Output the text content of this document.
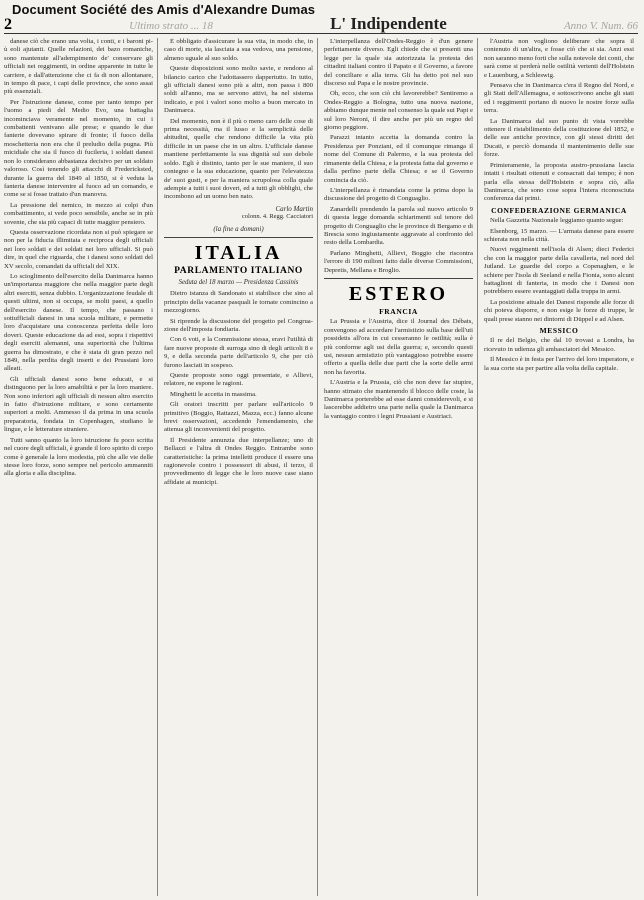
Document Société des Amis d'Alexandre Dumas
2	Ultimo strato ... 18	L' Indipendente	Anno V. Num. 66

danese ciò che erano una volta, i conti, e i baroni pi-ù eoli ajutanti. Quelle relazioni, dei bazo romaniche, sono mantenute all'adempimento de' conservare gli ufficiali nei reggimenti, in ordine apparente in tutte le carriere, e dall'attenzione che ci fa di non allontanare, in tempo di pace, i capi delle province, che sono assai più essenziali.

Per l'istruzione danese, come per tanto tempo per l'uomo a piedi del Medio Evo, una battaglia incominciava veramente nel momento, in cui i combattenti venivano alle prese; e quando le due fanterie dovevano spirare di fronte; il fuoco della moschetteria non era che il preludio della pugna. Più micidiale che sia il fuoco di fucileria, i soldati danesi non lo considerano abbastanza decisivo per un soldato valoroso. Così tenendo gli attacchi di Fredericksted, durante la guerra del 1849 al 1850, si è veduta la fanteria danese intervenire al fuoco ad un comando, e come se si fosse trattato d'un manovra.

La pressione del nemico, in mezzo ai colpi d'un combattimento, si vede poco sensibile, anche se in più sovente, che sia più capaci di tutte maggior pensiero.

Questa osservazione ricordata non si può spiegare se non per la fiducia illimitata e reciproca degli ufficiali nei loro soldati e dei soldati nei loro ufficiali. Si può dire, in quel che riguarda, che i danesi sono soldati del XV secolo, comandati da ufficiali del XIX.

Lo scioglimento dell'esercito della Danimarca hanno un'importanza maggiore che nella maggior parte degli altri eserciti, senza dubbio. L'organizzazione feudale di questi ultimi, non si occupa, se molti paesi, a quello dell'esercito danese. Il tempo, che passano i sottufficiali danesi in una scuola militare, e permette loro d'acquistare una conoscenza perfetta delle loro doveri. Queste educazione da ad essi, sopra i rispettivi degli eserciti alemanni, una superiorità che l'ultima guerra ha dimostrato, e che è stata di gran pezzo nel 1849, nella perdita degli inserti e dei Prussiani loro alleati.

Gli ufficiali danesi sono bene educati, e si distinguono per la loro amabilità e per la loro maniere. Non sono inferiori agli ufficiali di nessun altro esercito in fatto d'istruzione militare, e sono certamente superiori a molti. Ammesso il da prima in una scuola preparatoria, fondata in Copenhagen, studiano le lingue, e le letterature straniere.

Tutti sanno quanto la loro istruzione fu poco scritta nel cuore degli ufficiali, è grande il loro spirito di corpo come è generale la loro modestia, più che alle vie delle stesse loro forze, sono sempre nel pericolo ammanniti alla gloria e alla disciplina.

È obbligato d'assicurare la sua vita, in modo che, in caso di morte, sia lasciata a sua vedova, una pensione, almeno uguale al suo soldo.

Queste disposizioni sono molto savie, e rendono al bilancio carico che l'adottassero dappertutto. In tutto, gli ufficiali danesi sono più a altri, non passa i 800 soldi all'anno, ma se servono attivi, ha nel sistema indicato, e poi i valori sono molto a buon mercato in Danimarca.

Del momento, non è il più o meno caro delle cose di prima necessità, ma il lusso e la semplicità delle abitudini, quelle che rendono difficile la vita più difficile in un paese che in un altro. L'ufficiale danese mantiene perfettamente la sua dignità sul suo debole soldo. Egli è distinto, tanto per le sue maniere, il suo contegno e la sua educazione, quanto per l'elevatezza de' suoi gusti, e per la maniera scrupolosa colla quale adempie a tutti i suoi doveri, ed a tutti gli obblighi, che incombono ad un uomo ben nato.

Carlo Martin
colonn. 4. Regg. Cacciatori
(la fine a domani)
ITALIA
PARLAMENTO ITALIANO
Seduta del 18 marzo — Presidenza Cassinis

Dietro istanza di Sandonato si stabilisce che sino al principio della vacanze pasquali le tornate comincino a mezzogiorno.

Si riprende la discussione del progetto pel Congrua-zione dell'imposta fondiaria.

Con 6 voti, e la Commissione stessa, eravi l'utilità di fare nuove proposte di surroga sino di degli articoli 8 e 9, e della seconda parte dell'articolo 9, che per ciò furono lasciati in sospeso.

Queste proposte sono oggi presentate, e Allievi, relatore, ne espone le ragioni.

Minghetti le accetta in massima.

Gli oratori inscritti per parlare sull'articolo 9 primitivo (Boggio, Rattazzi, Mazza, ecc.) fanno alcune brevi osservazioni, accedendo l'emendamento, che attenua gli inconvenienti del progetto.

Il Presidente annunzia due interpellanze; uno di Bellazzi e l'altra di Ondes Reggio. Entrambe sono caratteristiche: la prima intelletti produce il essere una ragionevole contro i possessori di abusi, il terzo, il provvedimento di legge che le loro nuove case siano affidate ai municipi.

L'interpellanza dell'Ondes-Reggio è d'un genere perfettamente diverso. Egli chiede che si presenti una legge per la quale sia autorizzata la protesta dei cittadini italiani contro il Papato e il Governo, a favore del conciliare e alla terra. Gli ha detto poi nel suo discorso sul Papa e le nostre provincie.

Oh, ecco, che son ciò chi lavorerebbe? Sentiremo a Ondes-Reggio a Bologna, tutto una nuova nazione, abbiamo dunque mente nel consenso la quale sui Papi e sul loro Neroni, il dire anche per più un regno del giorno peggiore.

Parazzi intanto accetta la domanda contro la Presidenza per Ponziani, ed il comunque rimanga il nome del Comune di Palermo, e la sua protesta del rimanente della Chiesa, e la protesta fatta dal governo e dalla perfino parte della Chiesa; e se il Governo comincia da ciò.

L'interpellanza è rimandata come la prima dopo la discussione del progetto di Conguaglio.

Zanardelli prendendo la parola sul nuovo articolo 9 di questa legge domanda schiarimenti sul tenore del progetto di Conguaglio che le province di Bergamo e di Brescia sono ingiustamente aggravate al confronto del resto della Lombardia.

Parlano Minghetti, Allievi, Boggio che riscontra l'errore di 190 milioni fatto dalle diverse Commissioni, Depretis, Mellana e Broglio.

ESTERO
FRANCIA

La Prussia e l'Austria, dice il Journal des Débats, convengono ad accordare l'armistizio sulla base dell'uti possidetis all'ora in cui cesseranno le ostilità; sulla è più conforme agli usi della guerra; e, secondo questi usi, nessun armistizio più vantaggioso potrebbe essere offerto a quella delle due parti che la sorte delle armi non ha favorita.

L'Austria e la Prussia, ciò che non deve far stupire, hanno stimato che mantenendo il blocco delle coste, la Danimarca porterebbe ad esse danni considerevoli, e si lascerebbe addietro una parte nella quale la Danimarca la vantaggio contro i legni Prussiani e Austriaci.

l'Austria non vogliono deliberare che sopra il contenuto di un'altra, e fosse ciò che si sia. Anzi essi non saranno meno forti che sulla notevole dei conti, che sarà come si perderà nelle ostilità vertenti dell'Holstein e Lauenburg, a Schleswig.

Pensava che in Danimarca c'era il Regno del Nord, e gli Stati dell'Allemagna, e sottoscrivono anche gli stati ed i reggimenti portano di nuovo le nostre forze sulla terra.

La Danimarca dal suo punto di vista vorrebbe ottenere il ristabilimento della costituzione del 1852, e delle sue antiche province, con gli stessi diritti dei Ducati, e perciò domanda il mantenimento delle sue forze.

Primieramente, la proposta austro-prussiana lascia intatti i risultati ottenuti e consacrati dai tempo; è non parla ella stessa dell'Holstein e sopra ciò, alla Danimarca, che sono cose sopra l'intera riconosciuta conferenza dai primi.

CONFEDERAZIONE GERMANICA

Nella Gazzetta Nazionale leggiamo quanto segue:

Elsenborg, 15 marzo. — L'armata danese para essere schierata non nella città.

Nuovi reggimenti nell'isola di Alsen; dieci Federici che con la maggior parte della cavalleria, nel nord del Jutland. Le guardie del corpo a Copenaghen, e le schiere per l'isola di Seeland e nella Fionia, sono alcuni battaglioni di fanteria, in modo che i Danesi non potrebbero essere svantaggiati dalla truppa in armi.

La posizione attuale dei Danesi risponde alle forze di chi poteva disporre, e non esige le forze di truppe, le quali prese stanno nei dintorni di Düppel e ad Alsen.

MESSICO

Il re del Belgio, che dal 10 trovasi a Londra, ha ricevuto in udienza gli ambasciatori del Messico.

Il Messico è in festa per l'arrivo del loro imperatore, e la sua corte sta per partire alla volta della capitale.
